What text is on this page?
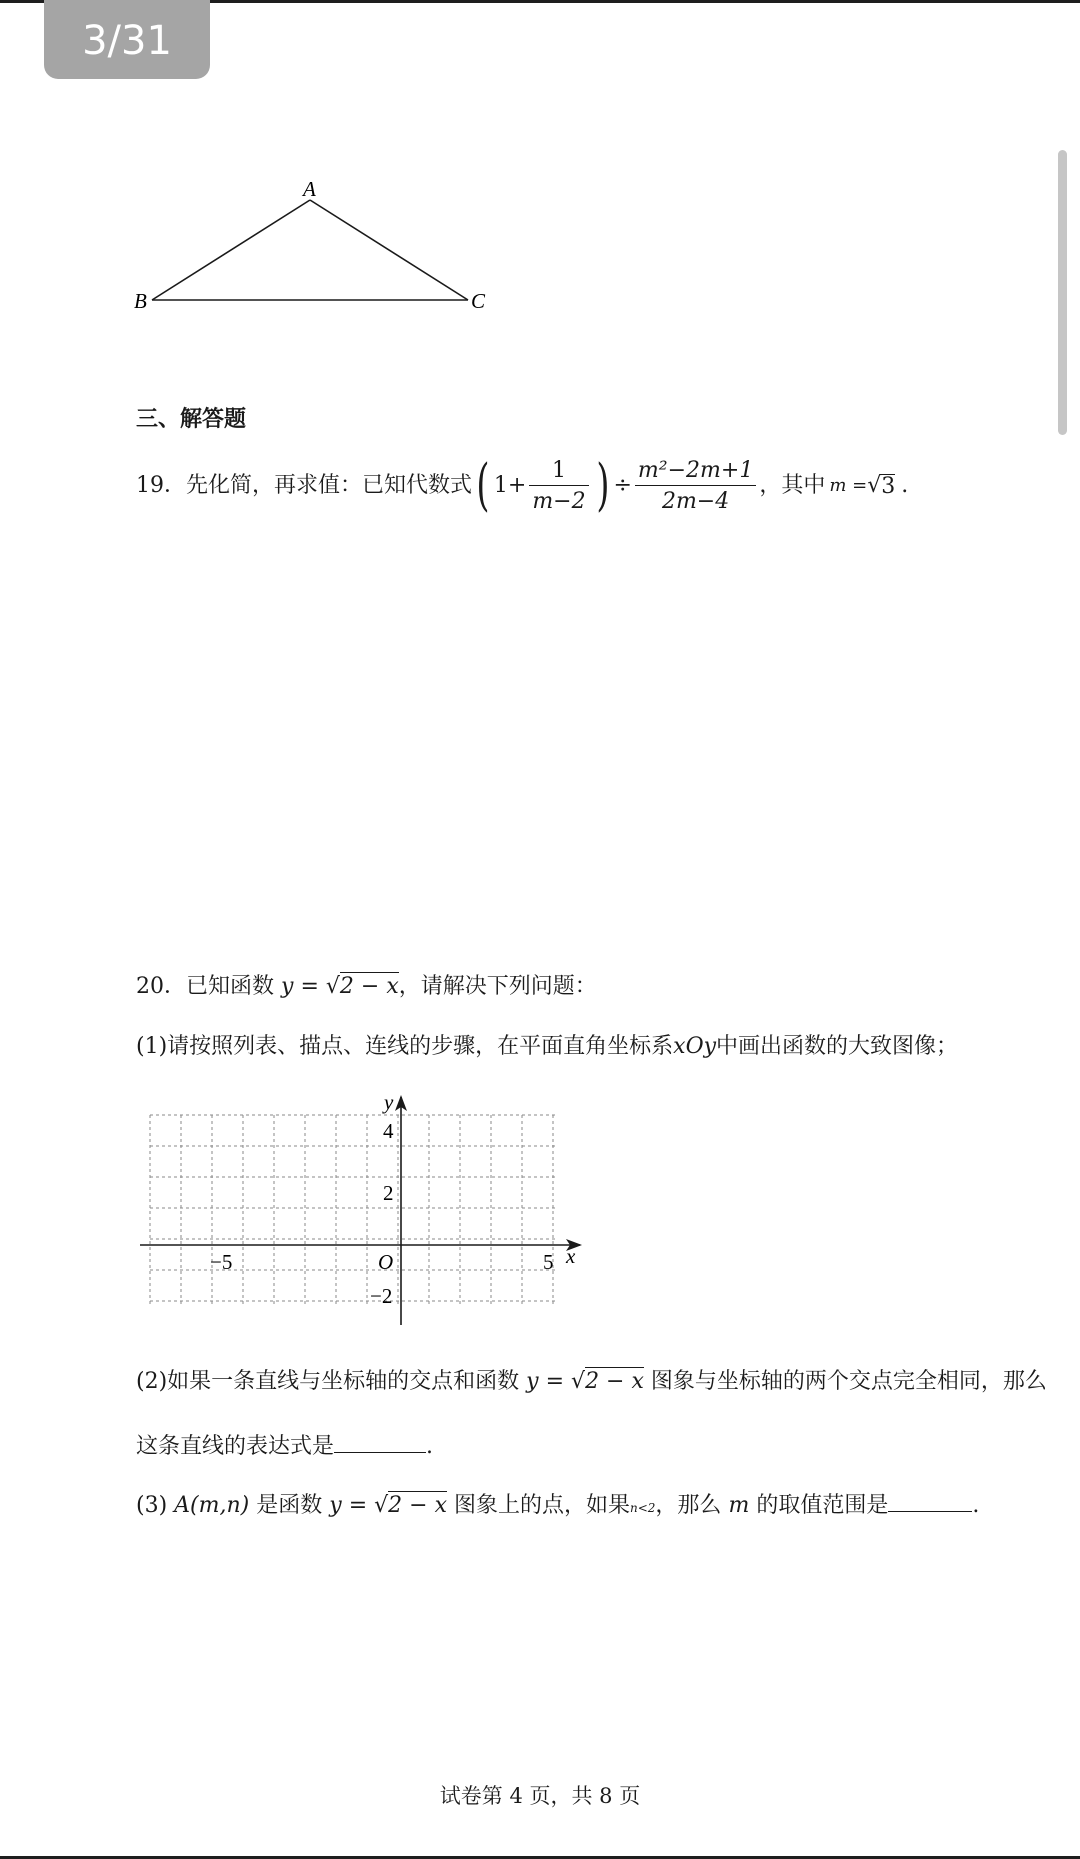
3/31
A
B	C
三、解答题
19． 先化简，再求值：已知代数式 ( $1+ \frac{1}{m-2}$ ) ÷ $\frac{\text{m²−2m+1}}{2m-4}$ ，其中 m = √ 3 .
20．已知函数 y = √2 − x，请解决下列问题：
(1)请按照列表、描点、连线的步骤，在平面直角坐标系xOy中画出函数的大致图像；
y
x
O
−5	5
4
2
−2
(2)如果一条直线与坐标轴的交点和函数 y = √2 − x 图象与坐标轴的两个交点完全相同，那么
这条直线的表达式是	.
(3) A(m,n) 是函数 y = √2 − x 图象上的点，如果n<2，那么 m 的取值范围是	.
试卷第 4 页，共 8 页
